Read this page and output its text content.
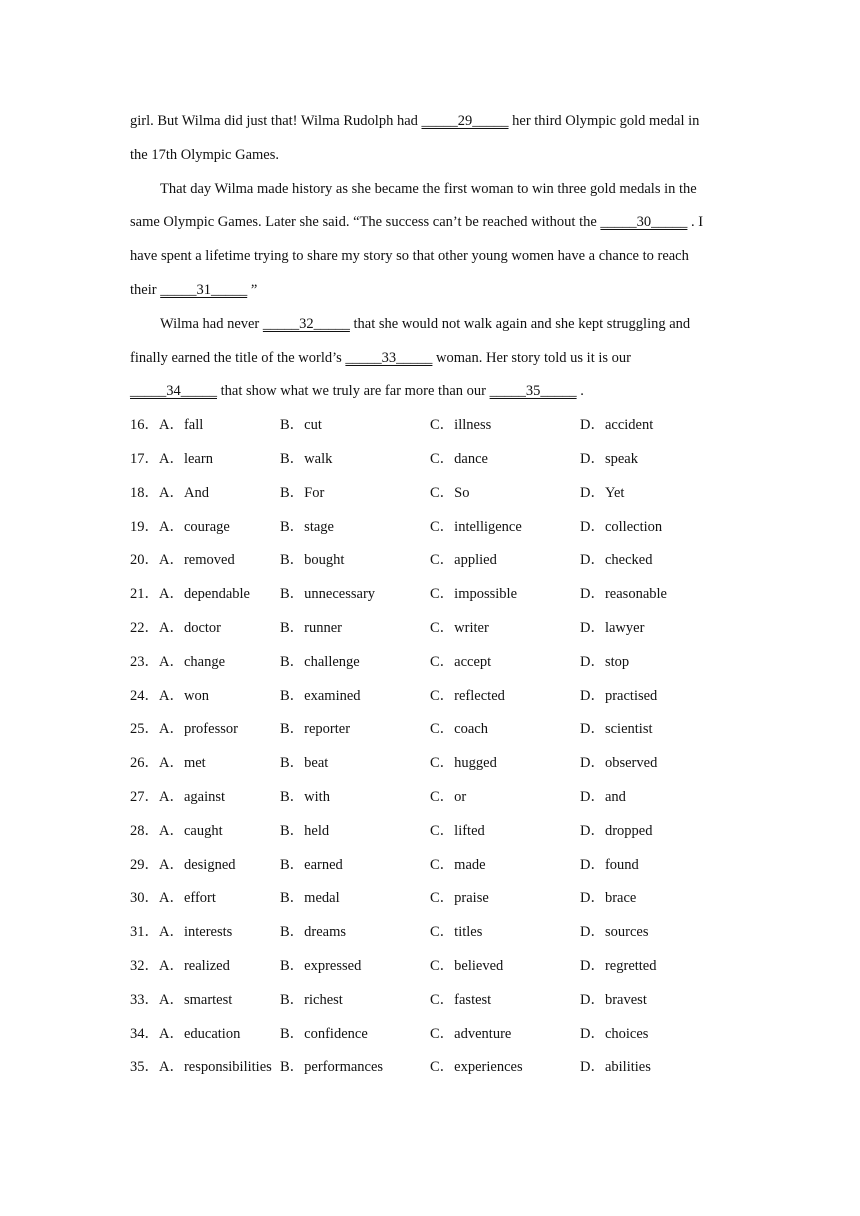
girl. But Wilma did just that! Wilma Rudolph had _____29_____ her third Olympic gold medal in
the 17th Olympic Games.
That day Wilma made history as she became the first woman to win three gold medals in the
same Olympic Games. Later she said. “The success can’t be reached without the _____30_____ . I
have spent a lifetime trying to share my story so that other young women have a chance to reach
their _____31_____ ”
Wilma had never _____32_____ that she would not walk again and she kept struggling and
finally earned the title of the world’s _____33_____ woman. Her story told us it is our
_____34_____ that show what we truly are far more than our _____35_____ .
16． A．fall	B．cut	C．illness	D．accident
17． A．learn	B．walk	C．dance	D．speak
18． A．And	B．For	C．So	D．Yet
19． A．courage	B．stage	C．intelligence	D．collection
20． A．removed	B．bought	C．applied	D．checked
21． A．dependable	B．unnecessary	C．impossible	D．reasonable
22． A．doctor	B．runner	C．writer	D．lawyer
23． A．change	B．challenge	C．accept	D．stop
24． A．won	B．examined	C．reflected	D．practised
25． A．professor	B．reporter	C．coach	D．scientist
26． A．met	B．beat	C．hugged	D．observed
27． A．against	B．with	C．or	D．and
28． A．caught	B．held	C．lifted	D．dropped
29． A．designed	B．earned	C．made	D．found
30． A．effort	B．medal	C．praise	D．brace
31． A．interests	B．dreams	C．titles	D．sources
32． A．realized	B．expressed	C．believed	D．regretted
33． A．smartest	B．richest	C．fastest	D．bravest
34． A．education	B．confidence	C．adventure	D．choices
35． A．responsibilities B．performances	C．experiences	D．abilities
